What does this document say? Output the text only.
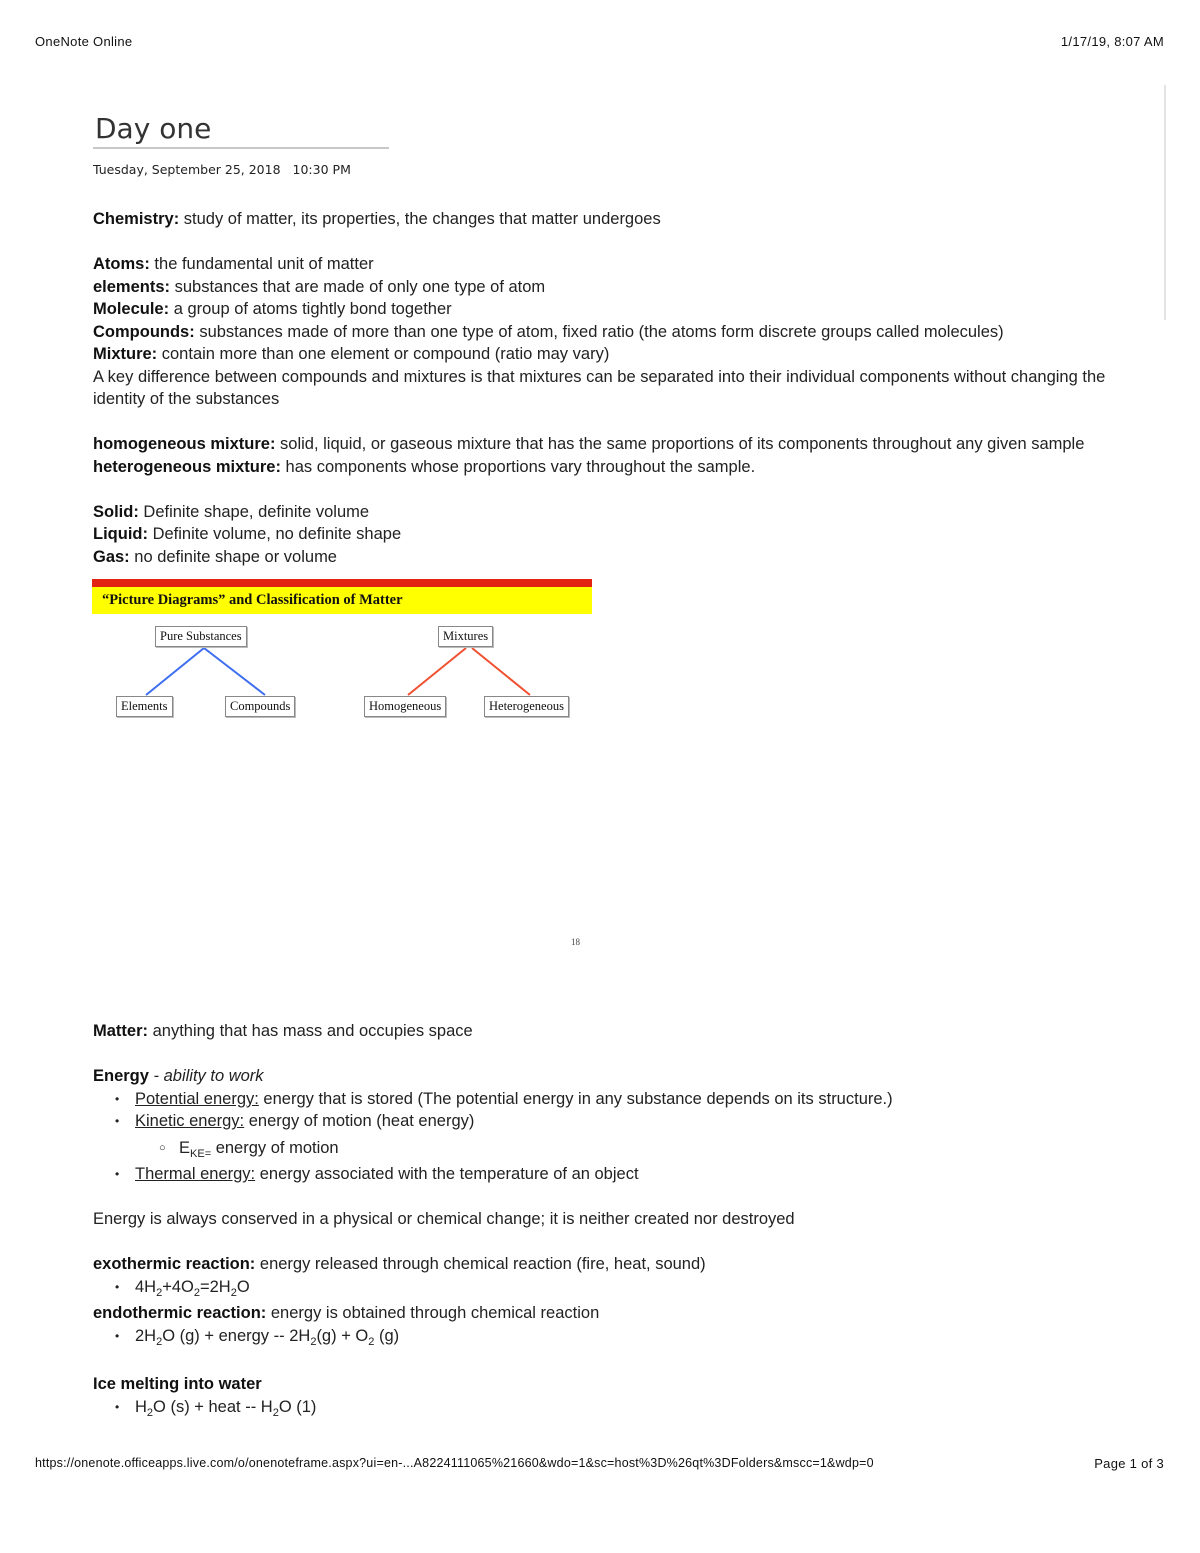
OneNote Online	1/17/19, 8:07 AM
Day one
Tuesday, September 25, 2018 10:30 PM

Chemistry: study of matter, its properties, the changes that matter undergoes

Atoms: the fundamental unit of matter

elements: substances that are made of only one type of atom

Molecule: a group of atoms tightly bond together

Compounds: substances made of more than one type of atom, fixed ratio (the atoms form discrete groups called molecules)

Mixture: contain more than one element or compound (ratio may vary)

A key difference between compounds and mixtures is that mixtures can be separated into their individual components without changing the identity of the substances

homogeneous mixture: solid, liquid, or gaseous mixture that has the same proportions of its components throughout any given sample

heterogeneous mixture: has components whose proportions vary throughout the sample.

Solid: Definite shape, definite volume

Liquid: Definite volume, no definite shape

Gas: no definite shape or volume

“Picture Diagrams” and Classification of Matter
Pure Substances	Mixtures
Elements	Compounds	Homogeneous	Heterogeneous
18

Matter: anything that has mass and occupies space

Energy - ability to work

• Potential energy: energy that is stored (The potential energy in any substance depends on its structure.)
• Kinetic energy: energy of motion (heat energy)
○ $E_{KE=}$ energy of motion
• Thermal energy: energy associated with the temperature of an object

Energy is always conserved in a physical or chemical change; it is neither created nor destroyed

exothermic reaction: energy released through chemical reaction (fire, heat, sound)

• $4H_2+4O_2=2H_2O$

endothermic reaction: energy is obtained through chemical reaction

• $2H_2O$ (g) + energy -- $2H_2(g) + O_2$ (g)

Ice melting into water

• $H_2O$ (s) + heat -- $H_2O$ (1)
https://onenote.officeapps.live.com/o/onenoteframe.aspx?ui=en-...A8224111065%21660&wdo=1&sc=host%3D%26qt%3DFolders&mscc=1&wdp=0	Page 1 of 3
